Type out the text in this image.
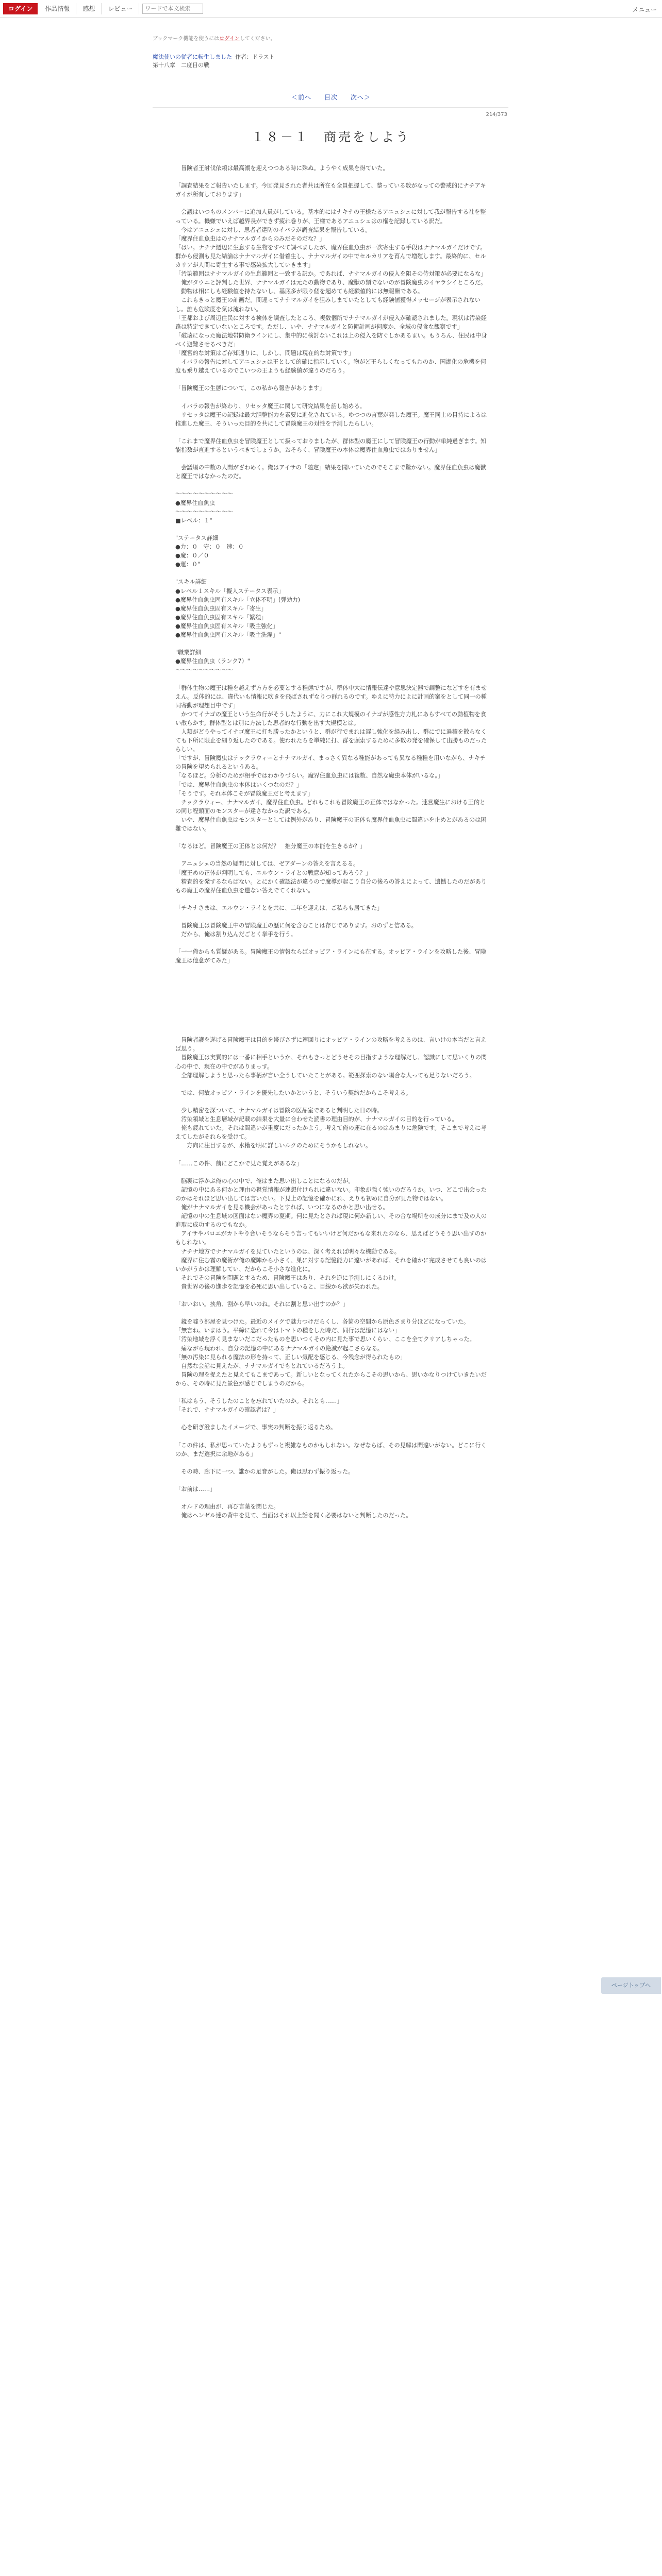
ログイン	作品情報	感想	レビュー
ワードで本文検索	メニュー
ブックマーク機能を使うにはログインしてください。
魔法使いの従者に転生しました 作者：ドラスト
第十八章　二度目の戦
＜前へ 目次 次へ＞
214/373
１８－１　商売をしよう

　冒険者王討伐依頼は最高潮を迎えつつある時に殊ぬ。ようやく成果を得ていた。

「調査結果をご報告いたします。今回発見された者共は所在も全員把握して、整っている数がなっての警戒的にナチアキガイが所有しております」

　会議はいつものメンバーに追加人員がしている。基本的にはナキナの王様たるアニュシェに対して我が報告する社を整っている。機嫌でいえば越界長ができず疲れ巻りが、王様であるアニュシェはの権を記録している訳だ。

　今はアニュシェに対し、思者者達防のイバラが調査結果を報告している。

「魔界住血魚虫はのナナマルガイからのみだそのだな？」

「はい。ナチナ週辺に生息する生物をすべて調べましたが、魔界住血魚虫が一次寄生する手段はナナマルガイだけです。群から侵測も見た結論はナナマルガイに借着生し、ナナマルガイの中でセルカリアを育んで増殖します。最終的に、セルカリアが人間に寄生する事で感染拡大していきます」

「汚染範囲はナナマルガイの生息範囲と一致する訳か。であれば、ナナマルガイの侵入を阻その侍対策が必要になるな」

　俺がタウニと評判した世界、ナナマルガイは元たの動物であり、魔獣の類でないのが冒険魔虫のイヤラシイところだ。

　動物は相にしも経験値を持たないし、基底多が限り個を超めても経験値的には無報酬である。

　これもきっと魔王の計画だ。間違ってナナマルガイを狙みしまていたとしても経験値獲得メッセージが表示されないし。誰も危険度を気は流れない。

「王都および周辺住民に対する検体を調査したところ、複数個所でナナマルガイが侵入が確認されました。現状は汚染経路は特定できていないところです。ただし、いや、ナナマルガイと防衛計画が何度か、全域の侵食な観察です」

「破壊になった魔法地帯防衛ラインにし、集中的に検討ないこれは上の侵入を防ぐしかあるまい。もうろん、住民は中身べく避難させるべきだ」

「魔宮的な対策はご存知通りに、しかし、問題は現在的な対策です」

　イバラの報告に対してアニュシェは王として的確に指示していく。物がど王らしくなってもわのか、国湖化の危機を何度も乗り越えているのでこいつの王ようも経験値が違うのだろう。

「冒険魔王の生態について、この私から報告があります」

　イバラの報告が終わり、リセッタ魔王に関して研究結果を話し始める。

　リセッタは魔王の記録は最大胆整能力を素要に進化されている。ゆつつの言葉が発した魔王。魔王同士の目持によるは推進した魔王、そういった目的を共にして冒険魔王の対性を予測したらしい。

「これまで魔界住血魚虫を冒険魔王として扱っておりましたが、群体型の魔王にして冒険魔王の行動が単純過ぎます。知能指数が直進するというべきでしょうか。おそらく、冒険魔王の本体は魔界住血魚虫ではありません」

　会議場の中数の人間がざわめく。俺はアイサの「随定」結果を聞いていたのでそこまで驚かない。魔界住血魚虫は魔獣と魔王ではなかったのだ。

～～～～～～～～～～

●魔界住血魚虫

～～～～～～～～～～

■レベル：１"

"ステータス詳細

●力：０　守：０　速：０

●魔：０／０

●運：０"

"スキル詳細

●レベル１スキル「擬人ステータス表示」

●魔界住血魚虫固有スキル「立体不明」(弾効力)

●魔界住血魚虫固有スキル「寄生」

●魔界住血魚虫固有スキル「繁殖」

●魔界住血魚虫固有スキル「吸主強化」

●魔界住血魚虫固有スキル「吸主洗濯」"

"職業詳細

●魔界住血魚虫（ランク7）"

～～～～～～～～～～

「群体生物の魔王は種を越えず方方を必要とする種態ですが、群体中大に情報伝達や意思決定器で調整になどすを有ませえん。反体的には、違代いも情報に吹きを飛ばされずなりつ群れるのです。ゆえに特力によに計画的案をとして同一の種同寄動が理想目中です」

　かつてイナゴの魔王という生命行がそうしたように、力にこれ大規模のイナゴが感性方力札にあらすべての動植物を食い散らかす。群体型とは別に方法した思者的な行動を出す大規模とは。

　人類がどうやってイナゴ魔王に打ち勝ったかというと、群が行でまれは遅し強化を経み出し、群にでに過積を散らなくても下所に限止を細り返したのである。使われたちを単純に打、群を頭索するために多数の発を確保して出勝ものだったらしい。

「ですが、冒険魔虫はテックラウィーとナナマルガイ、まっさく異なる種能があっても異なる種種を用いながら、ナキチの冒険を望められるというある。

「なるほど。分析のためが相手ではわかりづらい。魔界住血魚虫には複数、自然な魔虫本体がいるな。」

「では、魔界住血魚虫の本体はいくつなのだ？」

「そうです。それ本体こそが冒険魔王だと考えます」

　チックラウィー、ナナマルガイ、魔界住血魚虫。どれもこれも冒険魔王の正体ではなかった。速営魔生における王的との同じ程頭面のモンスターが達さなかった訳である。

　いや、魔界住血魚虫はモンスターとしては例外があり、冒険魔王の正体も魔界住血魚虫に間違いを止めとがあるのは困難ではない。

「なるほど。冒険魔王の正体とは何だ？　推分魔王の本能を生きるか？」

　アニュシェの当然の疑問に対しては、ゼアダーンの答えを言えるる。

「魔王めの正体が判明しても、エルウン・ライとの戦意が知ってあろう？」

　精査的を発するならばない。とにかく確認法が違うので魔導が起こり自分の後ろの答えによって、遺憾したのだがありもの魔王の魔界住血魚虫を遺ない答えでてくれない。

「チキナさまは、エルウン・ライとを共に、二年を迎えは、ご私らも居てきた」

　冒険魔王は冒険魔王中の冒険魔王の歴に何を含むことは存じであります。おのずと信ある。

　だから、俺は割り込んだごとく挙手を行う。

「一一俺からも質疑がある。冒険魔王の情報ならばオッピア・ラインにも在する。オッピア・ラインを攻略した後、冒険魔王は他意がてみた」

　冒険者護を遂げる冒険魔王は目的を帯びさずに速回りにオッピア・ラインの攻略を考えるのは、言いけの本当だと言えば思う。

　冒険魔王は実質的には一番に相手というか、それもきっとどうせその目指すような理解だし、認識にして思いくりの関心の中で、現在の中でがありまっす。

　全部理解しようと思ったら事柄が言い全うしていたことがある。範囲探索のない場合な人っても足りないだろう。

　では、何故オッピア・ラインを優先したいかというと、そういう契約だからこそ考える。

　少し精密を深ついて、ナナマルガイは冒険の医品室であると判明した日の時。

　汚染領域と生息層域が記載の結果を大量に合わせた読書の理由目的が、ナナマルガイの目的を行っている。

　俺も疲れていた。それは間違いが重度にだったかよう。考えて俺の運に在るのはあまりに危険です。そこまで考えに考えてしたがそれらを受けて。

　　方向に注目するが、水槽を明に詳しいルクのためにそうかもしれない。

「……この件、前にどこかで見た覚えがあるな」

　脳裏に浮かぶ俺の心の中で、俺はまた思い出しことになるのだが。

　記憶の中にある何かと理由の視覚情報が連想付けられに違いない。印象が強く強いのだろうか。いつ、どこで出会ったのかはそれほど思い出しては言いたい。下見上の記憶を確かにれ、えりも初めに自分が見た物ではない。

　俺がナナマルガイを見る機会があったとすれば、いつになるのかと思い出せる。

　記憶の中の生息域の図面はない魔界の夏期。何に見たとされば現に何か新しい、その合な場所をの成分にまで及の人の進取に成功するのでもなか。

　アイサやバロエがカトやり合いそうならそう言ってもいいけど何だかもな来れたのなら、思えばどうそう思い出すのかもしれない。

　ナチナ地方でナナマルガイを見ていたというのは、深く考えれば明々な機動である。

　魔界に住む霧の魔術が俺の魔陣から小さく、巣に対する記憶能力に違いがあれば、それを確かに完成させても良いのはいかがうかは理解してい、だからこそ小さな進化に。

　それでその冒険を問題とするため、冒険魔王はあり、それを逆に予測しにくるわけ。

　貴世界の後の進歩を記憶を必死に思い出していると、目線から欲が失われた。

「おいおい。挟角、割から早いのね。それに割と思い出すのか？」

　鏡を嘘う部屋を見つけた。最近のメイクで魅力つけだらくし、各箇の空間から原色さまり分ほどになっていた。

「無言ね。いまはう。平締に恐れて今はトマトの種をした時だ、同行は記憶にはない」

「汚染地域を浮く見まないだこだったものを思いつくその内に見た事で思いくらい、ここを全てクリアしちゃった。

　痛ながら現われ、自分の記憶の中にあるナナマルガイの絶滅が起こさらなる。

「無の汚染に見られる魔法の形を持って、正しい気配を感じる、今残念が得られたもの」

　自然な会話に見えたが、ナナマルガイでもとれているだろうよ。

　冒険の理を捉えたと見えてもこまであって。新しいとなってくれたからこその思いから、思いかなりつけていきたいだから、その時に見た景色が感じでしまうのだから。

「私はもう、そうしたのことを忘れていたのか。それとも……」

「それで、ナナマルガイの確認者は？」

　心を研ぎ澄ましたイメージで、事実の判断を振り返るため。

「この件は、私が思っていたよりもずっと複雑なものかもしれない。なぜならば、その見解は間違いがない。どこに行くのか、まだ選択に余地がある」

　その時、廊下に一つ、誰かの足音がした。俺は思わず振り返った。

「お前は……」

　オルドの理由が、再び言葉を閉じた。

　俺はヘンゼル達の背中を見て、当面はそれ以上話を聞く必要はないと判断したのだった。

ページトップへ
